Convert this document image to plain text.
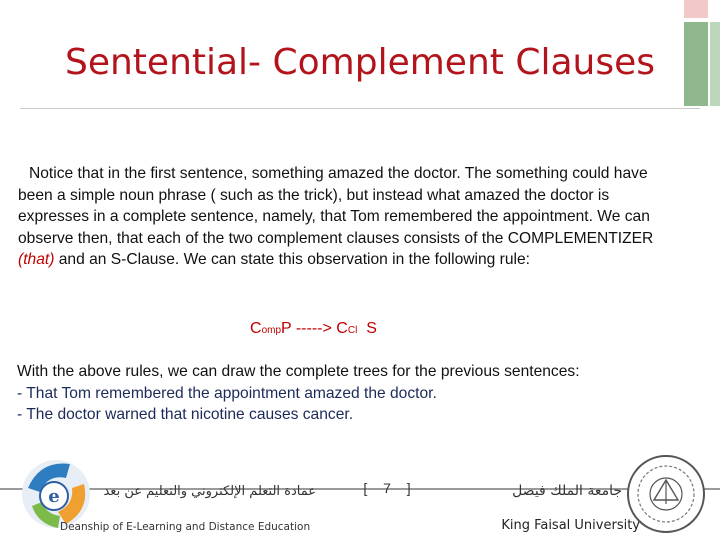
Sentential- Complement Clauses
Notice that in the first sentence, something amazed the doctor. The something could have been a simple noun phrase ( such as the trick), but instead what amazed the doctor is expresses in a complete sentence, namely, that Tom remembered the appointment. We can observe then, that each of the two complement clauses consists of the COMPLEMENTIZER (that) and an S-Clause. We can state this observation in the following rule:
CompP -----> CCl S
With the above rules, we can draw the complete trees for the previous sentences:
- That Tom remembered the appointment amazed the doctor.
- The doctor warned that nicotine causes cancer.
e	عمادة التعلم الإلكتروني والتعليم عن بعد
Deanship of E-Learning and Distance Education
[ 7 ]	جامعة الملك فيصل
King Faisal University
